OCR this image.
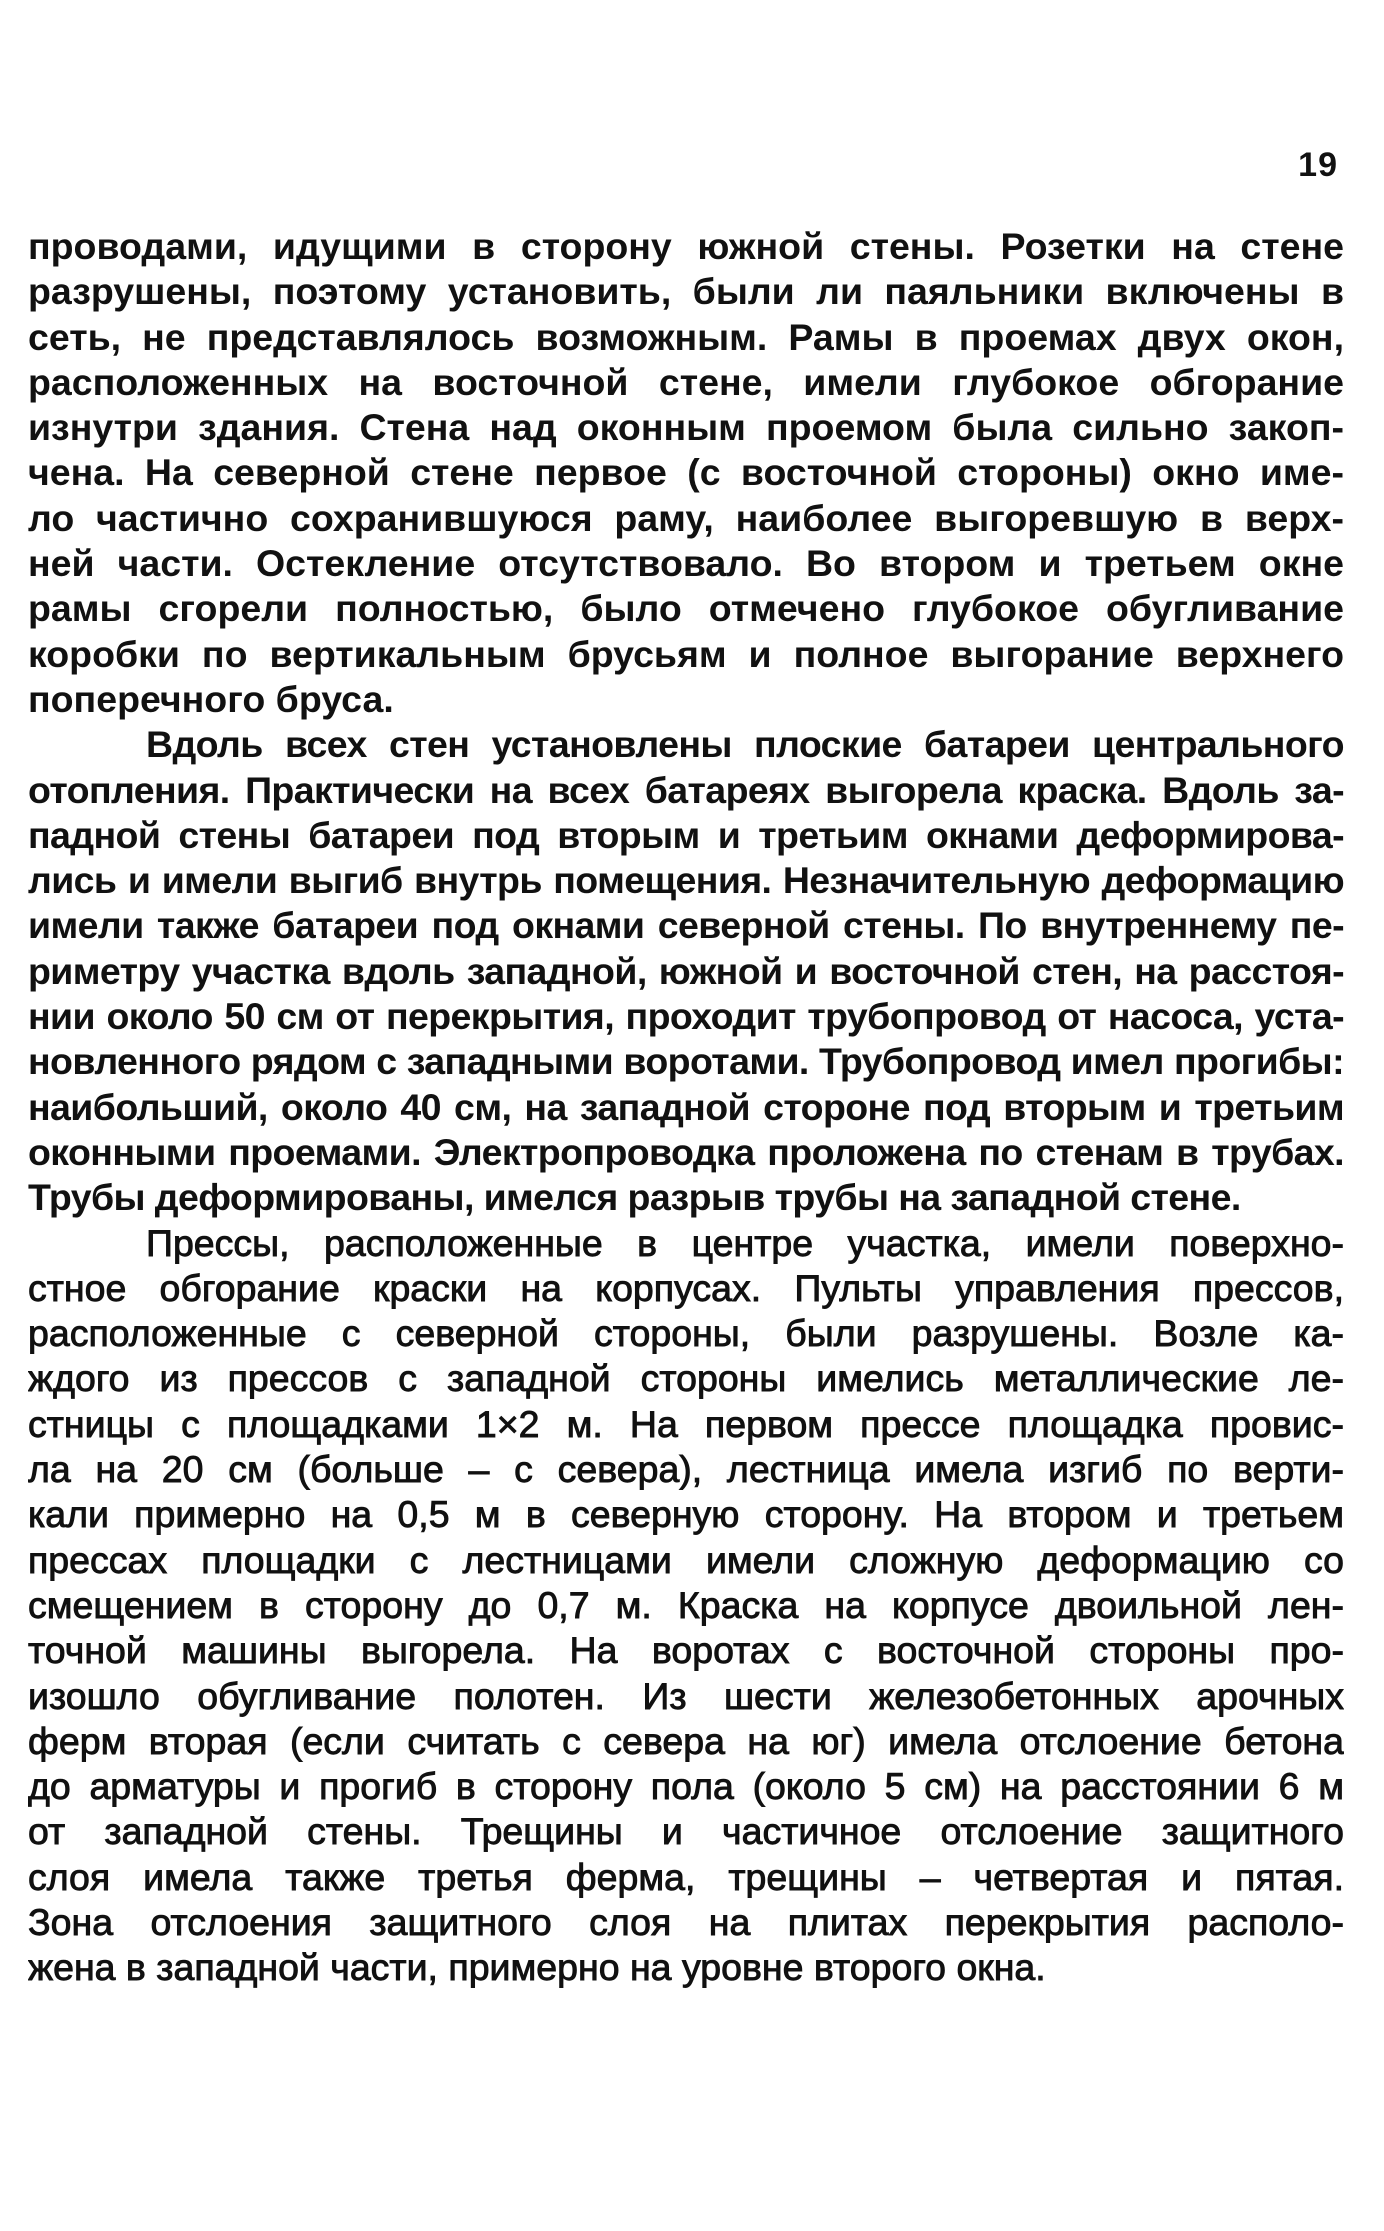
19
проводами, идущими в сторону южной стены. Розетки на стене
разрушены, поэтому установить, были ли паяльники включены в
сеть, не представлялось возможным. Рамы в проемах двух окон,
расположенных на восточной стене, имели глубокое обгорание
изнутри здания. Стена над оконным проемом была сильно закоп-
чена. На северной стене первое (с восточной стороны) окно име-
ло частично сохранившуюся раму, наиболее выгоревшую в верх-
ней части. Остекление отсутствовало. Во втором и третьем окне
рамы сгорели полностью, было отмечено глубокое обугливание
коробки по вертикальным брусьям и полное выгорание верхнего
поперечного бруса.
Вдоль всех стен установлены плоские батареи центрального
отопления. Практически на всех батареях выгорела краска. Вдоль за-
падной стены батареи под вторым и третьим окнами деформирова-
лись и имели выгиб внутрь помещения. Незначительную деформацию
имели также батареи под окнами северной стены. По внутреннему пе-
риметру участка вдоль западной, южной и восточной стен, на расстоя-
нии около 50 см от перекрытия, проходит трубопровод от насоса, уста-
новленного рядом с западными воротами. Трубопровод имел прогибы:
наибольший, около 40 см, на западной стороне под вторым и третьим
оконными проемами. Электропроводка проложена по стенам в трубах.
Трубы деформированы, имелся разрыв трубы на западной стене.
Прессы, расположенные в центре участка, имели поверхно-
стное обгорание краски на корпусах. Пульты управления прессов,
расположенные с северной стороны, были разрушены. Возле ка-
ждого из прессов с западной стороны имелись металлические ле-
стницы с площадками 1×2 м. На первом прессе площадка провис-
ла на 20 см (больше – с севера), лестница имела изгиб по верти-
кали примерно на 0,5 м в северную сторону. На втором и третьем
прессах площадки с лестницами имели сложную деформацию со
смещением в сторону до 0,7 м. Краска на корпусе двоильной лен-
точной машины выгорела. На воротах с восточной стороны про-
изошло обугливание полотен. Из шести железобетонных арочных
ферм вторая (если считать с севера на юг) имела отслоение бетона
до арматуры и прогиб в сторону пола (около 5 см) на расстоянии 6 м
от западной стены. Трещины и частичное отслоение защитного
слоя имела также третья ферма, трещины – четвертая и пятая.
Зона отслоения защитного слоя на плитах перекрытия располо-
жена в западной части, примерно на уровне второго окна.
